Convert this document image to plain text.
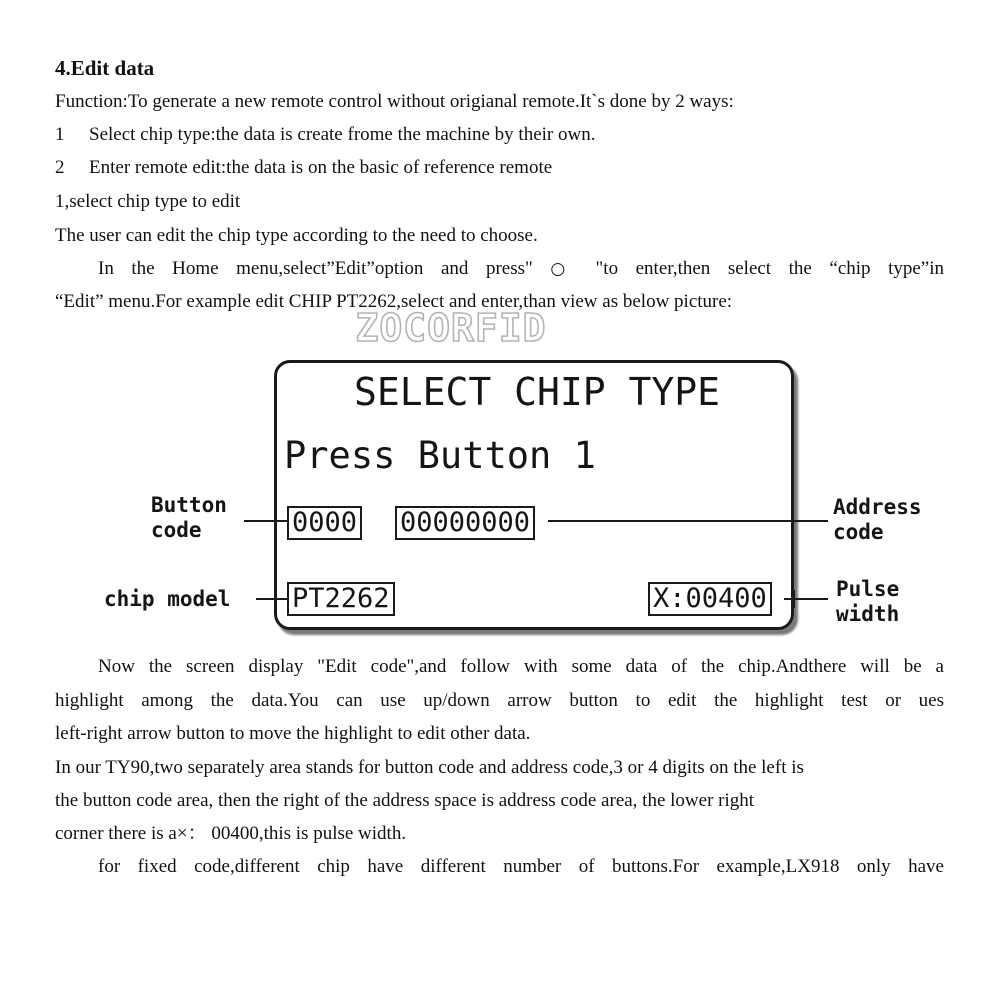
4.Edit data
Function:To generate a new remote control without origianal remote.It`s done by 2 ways:
1 Select chip type:the data is create frome the machine by their own.
2 Enter remote edit:the data is on the basic of reference remote
1,select chip type to edit
The user can edit the chip type according to the need to choose.
In the Home menu,select”Edit”option and press" ○ "to enter,then select the “chip type”in
“Edit” menu.For example edit CHIP PT2262,select and enter,than view as below picture:
ZOCORFID
SELECT CHIP TYPE
Press Button 1
0000 00000000
PT2262	X:00400
Button
code
Address
code
chip model	Pulse
width
Now the screen display "Edit code",and follow with some data of the chip.Andthere will be a
highlight among the data.You can use up/down arrow button to edit the highlight test or ues
left-right arrow button to move the highlight to edit other data.
In our TY90,two separately area stands for button code and address code,3 or 4 digits on the left is
the button code area, then the right of the address space is address code area, the lower right
corner there is a×： 00400,this is pulse width.
for fixed code,different chip have different number of buttons.For example,LX918 only have
